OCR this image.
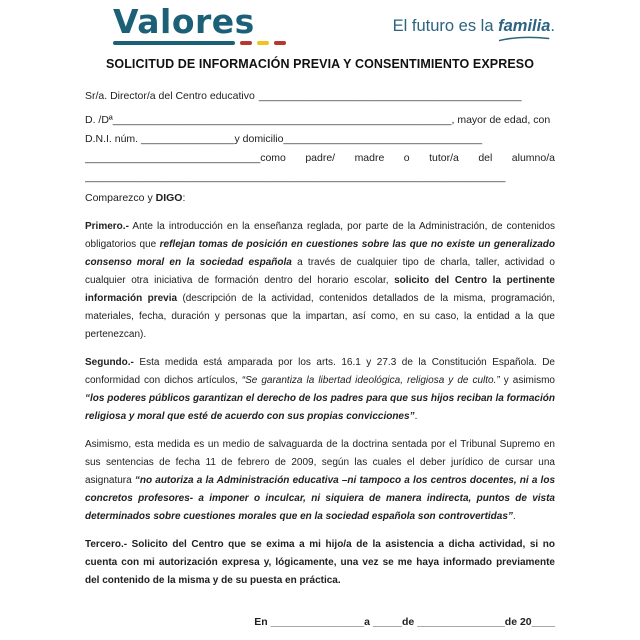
Valores	El futuro es la familia
.
SOLICITUD DE INFORMACIÓN PREVIA Y CONSENTIMIENTO EXPRESO
Sr/a. Director/a del Centro educativo _____________________________________________
D. /Dª__________________________________________________________, mayor de edad, con
D.N.I. núm. ________________y domicilio__________________________________
______________________________como padre/ madre o tutor/a del alumno/a
________________________________________________________________________
Comparezco y DIGO:

Primero.- Ante la introducción en la enseñanza reglada, por parte de la Administración, de contenidos obligatorios que reflejan tomas de posición en cuestiones sobre las que no existe un generalizado consenso moral en la sociedad española a través de cualquier tipo de charla, taller, actividad o cualquier otra iniciativa de formación dentro del horario escolar, solicito del Centro la pertinente información previa (descripción de la actividad, contenidos detallados de la misma, programación, materiales, fecha, duración y personas que la impartan, así como, en su caso, la entidad a la que pertenezcan).

Segundo.- Esta medida está amparada por los arts. 16.1 y 27.3 de la Constitución Española. De conformidad con dichos artículos, “Se garantiza la libertad ideológica, religiosa y de culto.” y asimismo “los poderes públicos garantizan el derecho de los padres para que sus hijos reciban la formación religiosa y moral que esté de acuerdo con sus propias convicciones”.

Asimismo, esta medida es un medio de salvaguarda de la doctrina sentada por el Tribunal Supremo en sus sentencias de fecha 11 de febrero de 2009, según las cuales el deber jurídico de cursar una asignatura “no autoriza a la Administración educativa –ni tampoco a los centros docentes, ni a los concretos profesores- a imponer o inculcar, ni siquiera de manera indirecta, puntos de vista determinados sobre cuestiones morales que en la sociedad española son controvertidas”.

Tercero.- Solicito del Centro que se exima a mi hijo/a de la asistencia a dicha actividad, si no cuenta con mi autorización expresa y, lógicamente, una vez se me haya informado previamente del contenido de la misma y de su puesta en práctica.

En ________________a _____de _______________de 20____
